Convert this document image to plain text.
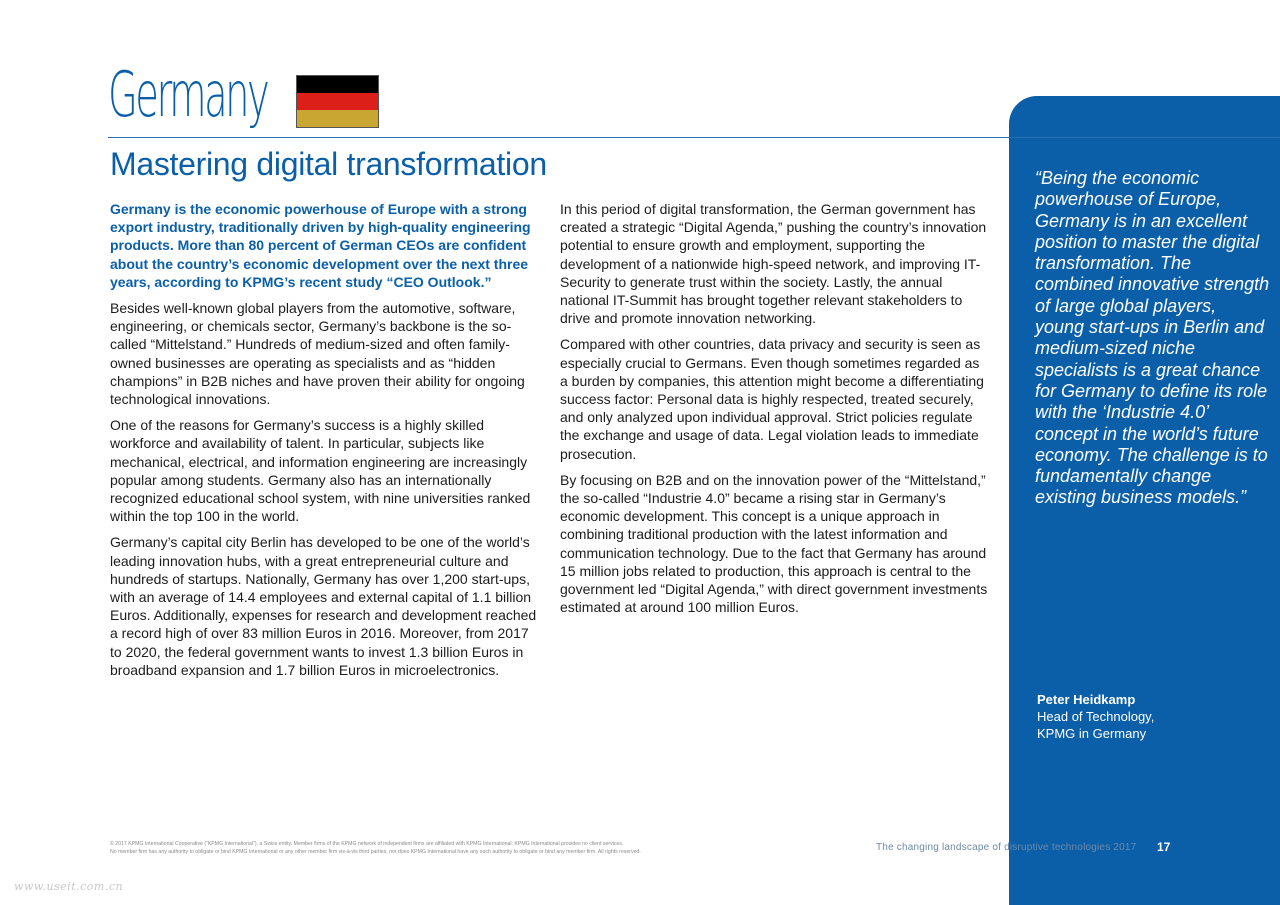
Germany
Mastering digital transformation

Germany is the economic powerhouse of Europe with a strong export industry, traditionally driven by high-quality engineering products. More than 80 percent of German CEOs are confident about the country’s economic development over the next three years, according to KPMG’s recent study “CEO Outlook.”

Besides well-known global players from the automotive, software, engineering, or chemicals sector, Germany’s backbone is the so-called “Mittelstand.” Hundreds of medium-sized and often family-owned businesses are operating as specialists and as “hidden champions” in B2B niches and have proven their ability for ongoing technological innovations.

One of the reasons for Germany’s success is a highly skilled workforce and availability of talent. In particular, subjects like mechanical, electrical, and information engineering are increasingly popular among students. Germany also has an internationally recognized educational school system, with nine universities ranked within the top 100 in the world.

Germany’s capital city Berlin has developed to be one of the world’s leading innovation hubs, with a great entrepreneurial culture and hundreds of startups. Nationally, Germany has over 1,200 start-ups, with an average of 14.4 employees and external capital of 1.1 billion Euros. Additionally, expenses for research and development reached a record high of over 83 million Euros in 2016. Moreover, from 2017 to 2020, the federal government wants to invest 1.3 billion Euros in broadband expansion and 1.7 billion Euros in microelectronics.

In this period of digital transformation, the German government has created a strategic “Digital Agenda,” pushing the country’s innovation potential to ensure growth and employment, supporting the development of a nationwide high-speed network, and improving IT-Security to generate trust within the society. Lastly, the annual national IT-Summit has brought together relevant stakeholders to drive and promote innovation networking.

Compared with other countries, data privacy and security is seen as especially crucial to Germans. Even though sometimes regarded as a burden by companies, this attention might become a differentiating success factor: Personal data is highly respected, treated securely, and only analyzed upon individual approval. Strict policies regulate the exchange and usage of data. Legal violation leads to immediate prosecution.

By focusing on B2B and on the innovation power of the “Mittelstand,” the so-called “Industrie 4.0” became a rising star in Germany’s economic development. This concept is a unique approach in combining traditional production with the latest information and communication technology. Due to the fact that Germany has around 15 million jobs related to production, this approach is central to the government led “Digital Agenda,” with direct government investments estimated at around 100 million Euros.

“Being the economic powerhouse of Europe, Germany is in an excellent position to master the digital transformation. The combined innovative strength of large global players, young start-ups in Berlin and medium-sized niche specialists is a great chance for Germany to define its role with the ‘Industrie 4.0’ concept in the world’s future economy. The challenge is to fundamentally change existing business models.”

Peter Heidkamp
Head of Technology,
KPMG in Germany
© 2017 KPMG International Cooperative (“KPMG International”), a Swiss entity. Member firms of the KPMG network of independent firms are affiliated with KPMG International. KPMG International provides no client services.
No member firm has any authority to obligate or bind KPMG International or any other member firm vis-à-vis third parties, nor does KPMG International have any such authority to obligate or bind any member firm. All rights reserved.	The changing landscape of disruptive technologies 2017 17
www.useit.com.cn
